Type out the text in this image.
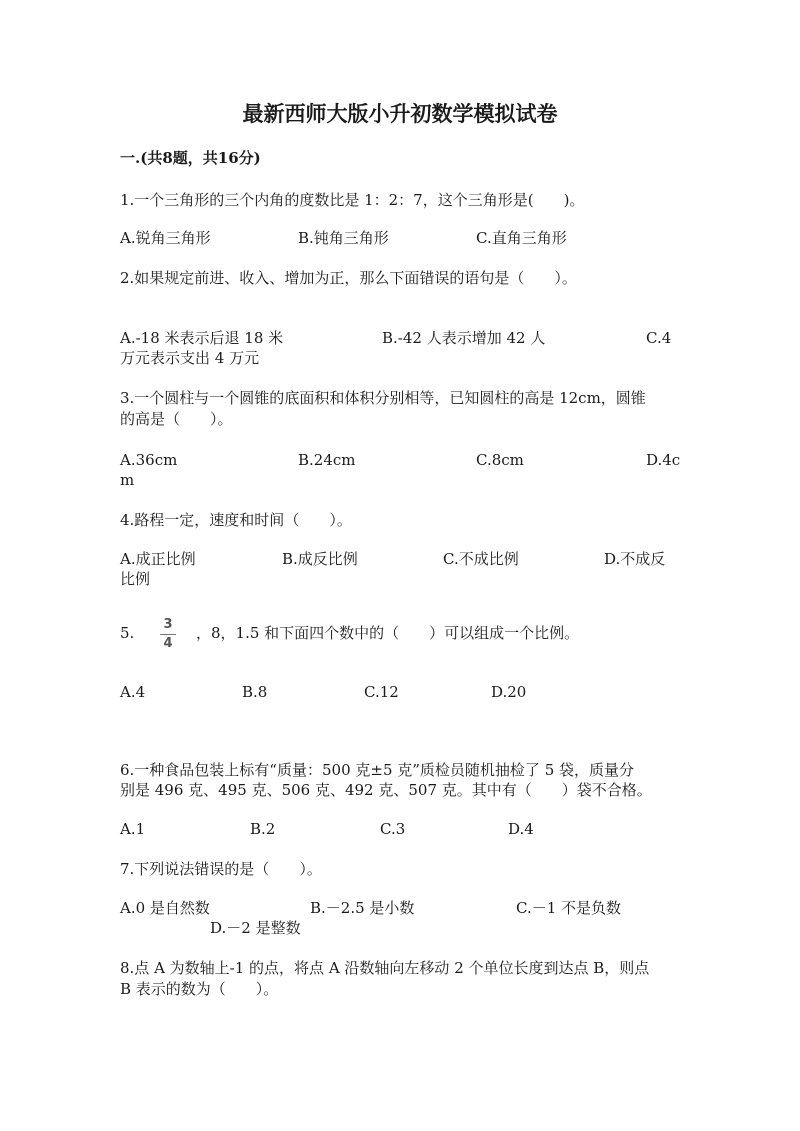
最新西师大版小升初数学模拟试卷
一.(共8题，共16分)
1.一个三角形的三个内角的度数比是 1：2：7，这个三角形是(　　)。
A.锐角三角形	B.钝角三角形	C.直角三角形
2.如果规定前进、收入、增加为正，那么下面错误的语句是（　　）。
A.-18 米表示后退 18 米	B.-42 人表示增加 42 人	C.4
万元表示支出 4 万元
3.一个圆柱与一个圆锥的底面积和体积分别相等，已知圆柱的高是 12cm，圆锥
的高是（　　）。
A.36cm	B.24cm	C.8cm	D.4c
m
4.路程一定，速度和时间（　　）。
A.成正比例	B.成反比例	C.不成比例	D.不成反
比例
5. 3
4
，8，1.5 和下面四个数中的（　　）可以组成一个比例。
A.4	B.8	C.12	D.20
6.一种食品包装上标有“质量：500 克±5 克”质检员随机抽检了 5 袋，质量分
别是 496 克、495 克、506 克、492 克、507 克。其中有（　　）袋不合格。
A.1	B.2	C.3	D.4
7.下列说法错误的是（　　）。
A.0 是自然数	B.－2.5 是小数	C.－1 不是负数
D.－2 是整数
8.点 A 为数轴上-1 的点，将点 A 沿数轴向左移动 2 个单位长度到达点 B，则点
B 表示的数为（　　）。
